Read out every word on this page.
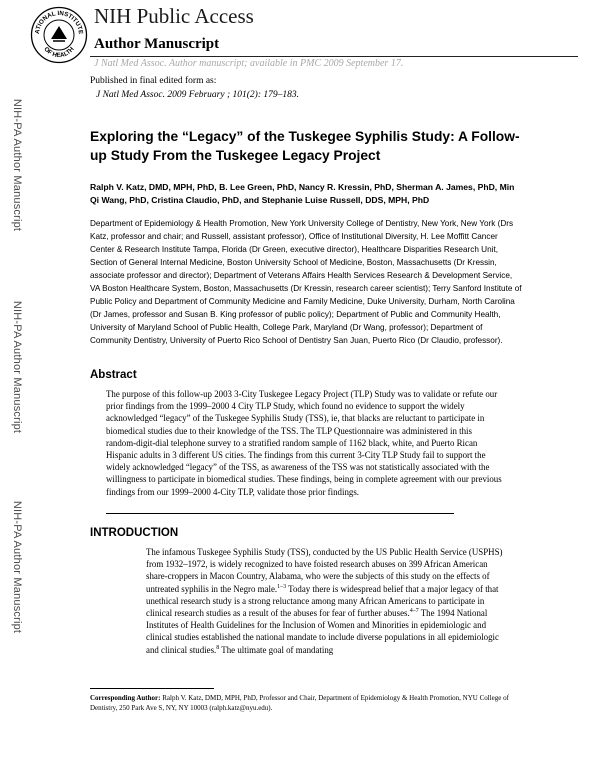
ATIONAL INSTITUTE
OF HEALTH
NIH Public Access
Author Manuscript
J Natl Med Assoc. Author manuscript; available in PMC 2009 September 17.
Published in final edited form as:
J Natl Med Assoc. 2009 February ; 101(2): 179–183.
NIH-PA Author Manuscript
NIH-PA Author Manuscript
NIH-PA Author Manuscript
Exploring the “Legacy” of the Tuskegee Syphilis Study: A Follow-up Study From the Tuskegee Legacy Project
Ralph V. Katz, DMD, MPH, PhD, B. Lee Green, PhD, Nancy R. Kressin, PhD, Sherman A. James, PhD, Min Qi Wang, PhD, Cristina Claudio, PhD, and Stephanie Luise Russell, DDS, MPH, PhD
Department of Epidemiology & Health Promotion, New York University College of Dentistry, New York, New York (Drs Katz, professor and chair; and Russell, assistant professor), Office of Institutional Diversity, H. Lee Moffitt Cancer Center & Research Institute Tampa, Florida (Dr Green, executive director), Healthcare Disparities Research Unit, Section of General Internal Medicine, Boston University School of Medicine, Boston, Massachusetts (Dr Kressin, associate professor and director); Department of Veterans Affairs Health Services Research & Development Service, VA Boston Healthcare System, Boston, Massachusetts (Dr Kressin, research career scientist); Terry Sanford Institute of Public Policy and Department of Community Medicine and Family Medicine, Duke University, Durham, North Carolina (Dr James, professor and Susan B. King professor of public policy); Department of Public and Community Health, University of Maryland School of Public Health, College Park, Maryland (Dr Wang, professor); Department of Community Dentistry, University of Puerto Rico School of Dentistry San Juan, Puerto Rico (Dr Claudio, professor).
Abstract
The purpose of this follow-up 2003 3-City Tuskegee Legacy Project (TLP) Study was to validate or refute our prior findings from the 1999–2000 4 City TLP Study, which found no evidence to support the widely acknowledged “legacy” of the Tuskegee Syphilis Study (TSS), ie, that blacks are reluctant to participate in biomedical studies due to their knowledge of the TSS. The TLP Questionnaire was administered in this random-digit-dial telephone survey to a stratified random sample of 1162 black, white, and Puerto Rican Hispanic adults in 3 different US cities. The findings from this current 3-City TLP Study fail to support the widely acknowledged “legacy” of the TSS, as awareness of the TSS was not statistically associated with the willingness to participate in biomedical studies. These findings, being in complete agreement with our previous findings from our 1999–2000 4-City TLP, validate those prior findings.
INTRODUCTION
The infamous Tuskegee Syphilis Study (TSS), conducted by the US Public Health Service (USPHS) from 1932–1972, is widely recognized to have foisted research abuses on 399 African American share-croppers in Macon Country, Alabama, who were the subjects of this study on the effects of untreated syphilis in the Negro male.$^{1-3}$ Today there is widespread belief that a major legacy of that unethical research study is a strong reluctance among many African Americans to participate in clinical research studies as a result of the abuses for fear of further abuses.$^{4-7}$ The 1994 National Institutes of Health Guidelines for the Inclusion of Women and Minorities in epidemiologic and clinical studies established the national mandate to include diverse populations in all epidemiologic and clinical studies.$^8$ The ultimate goal of mandating
Corresponding Author: Ralph V. Katz, DMD, MPH, PhD, Professor and Chair, Department of Epidemiology & Health Promotion, NYU College of Dentistry, 250 Park Ave S, NY, NY 10003 (ralph.katz@nyu.edu).
